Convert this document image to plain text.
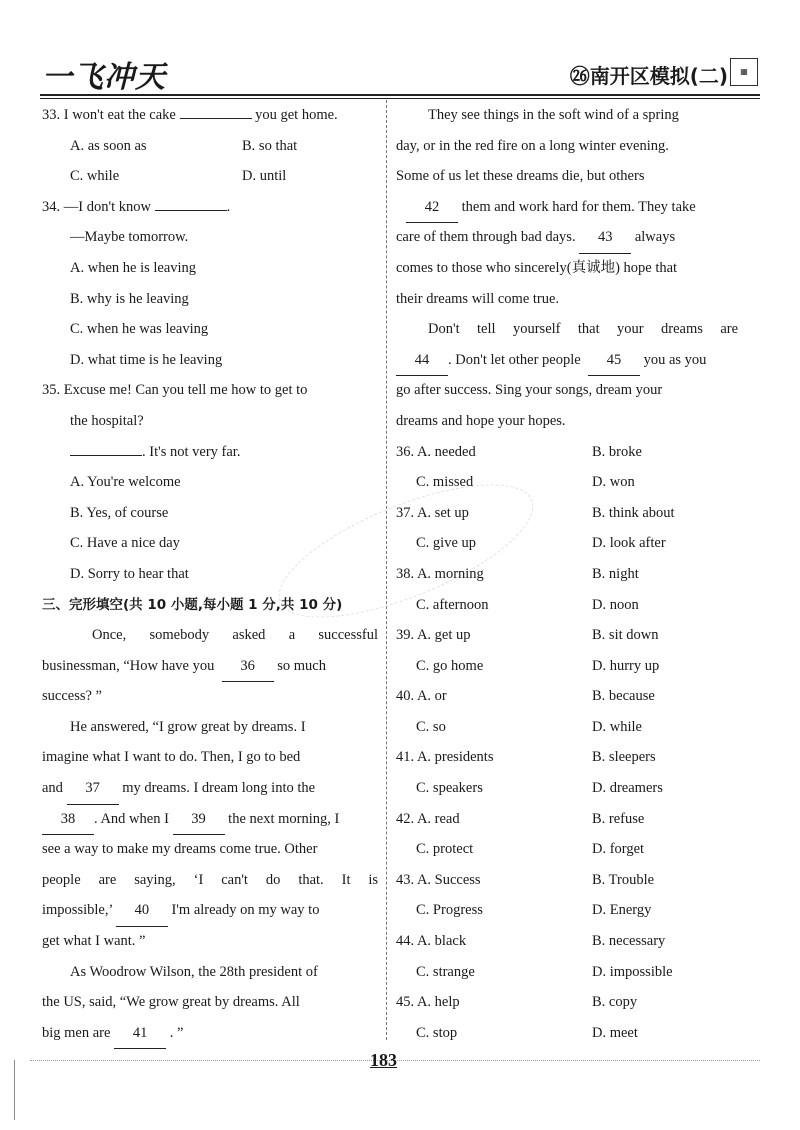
一飞冲天	㉖南开区模拟(二)	▦
33. I won't eat the cake	you get home.
A. as soon as	B. so that
C. while	D. until
34. —I don't know	.
—Maybe tomorrow.
A. when he is leaving
B. why is he leaving
C. when he was leaving
D. what time is he leaving
35. Excuse me! Can you tell me how to get to
the hospital?
. It's not very far.
A. You're welcome
B. Yes, of course
C. Have a nice day
D. Sorry to hear that
三、完形填空(共 10 小题,每小题 1 分,共 10 分)
Once, somebody asked a successful
businessman, “How have you 36 so much
success? ”
He answered, “I grow great by dreams. I
imagine what I want to do. Then, I go to bed
and 37 my dreams. I dream long into the
38 . And when I 39 the next morning, I
see a way to make my dreams come true. Other
people are saying, ‘I can't do that. It is
impossible,’ 40 I'm already on my way to
get what I want. ”
As Woodrow Wilson, the 28th president of
the US, said, “We grow great by dreams. All
big men are 41 . ”
They see things in the soft wind of a spring
day, or in the red fire on a long winter evening.
Some of us let these dreams die, but others
42 them and work hard for them. They take
care of them through bad days. 43 always
comes to those who sincerely(真诚地) hope that
their dreams will come true.
Don't tell yourself that your dreams are
44 . Don't let other people 45 you as you
go after success. Sing your songs, dream your
dreams and hope your hopes.
36. A. needed	B. broke
C. missed	D. won
37. A. set up	B. think about
C. give up	D. look after
38. A. morning	B. night
C. afternoon	D. noon
39. A. get up	B. sit down
C. go home	D. hurry up
40. A. or	B. because
C. so	D. while
41. A. presidents	B. sleepers
C. speakers	D. dreamers
42. A. read	B. refuse
C. protect	D. forget
43. A. Success	B. Trouble
C. Progress	D. Energy
44. A. black	B. necessary
C. strange	D. impossible
45. A. help	B. copy
C. stop	D. meet
183
